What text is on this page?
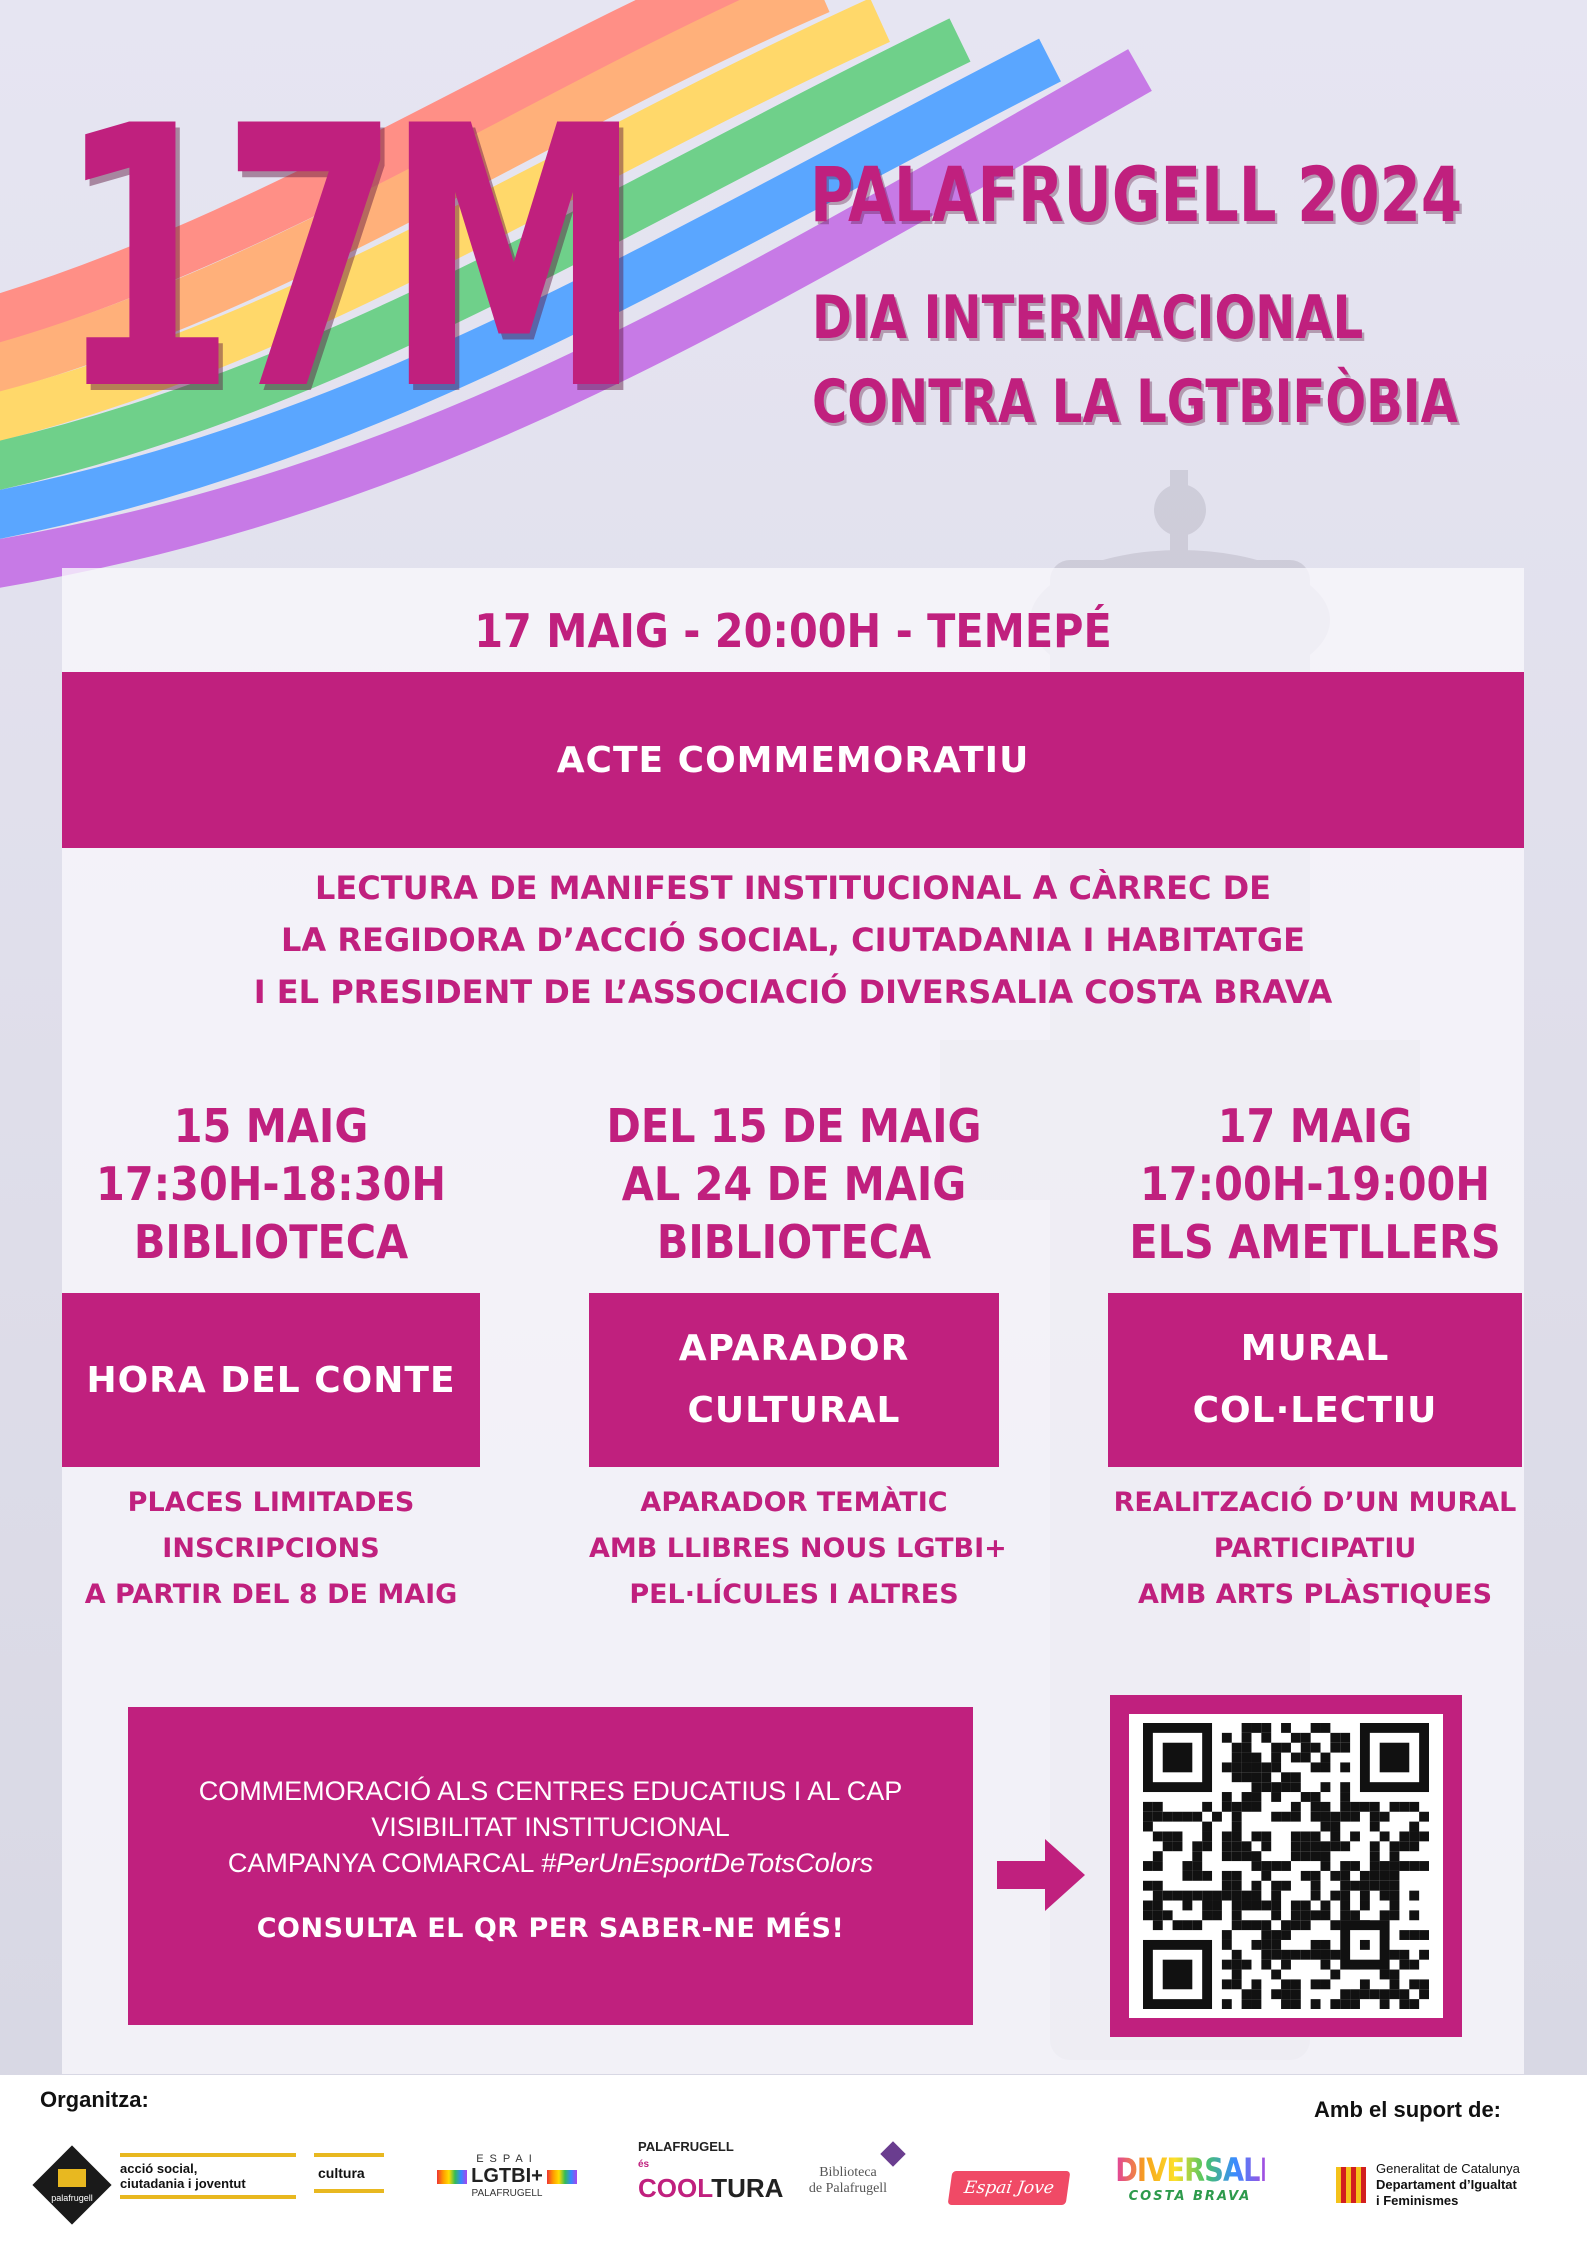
17M PALAFRUGELL 2024
DIA INTERNACIONAL
CONTRA LA LGTBIFÒBIA
17 MAIG - 20:00H - TEMEPÉ
ACTE COMMEMORATIU
LECTURA DE MANIFEST INSTITUCIONAL A CÀRREC DE
LA REGIDORA D’ACCIÓ SOCIAL, CIUTADANIA I HABITATGE
I EL PRESIDENT DE L’ASSOCIACIÓ DIVERSALIA COSTA BRAVA
15 MAIG
17:30H-18:30H
BIBLIOTECA
HORA DEL CONTE
PLACES LIMITADES
INSCRIPCIONS
A PARTIR DEL 8 DE MAIG
DEL 15 DE MAIG
AL 24 DE MAIG
BIBLIOTECA
APARADOR
CULTURAL
APARADOR TEMÀTIC
AMB LLIBRES NOUS LGTBI+
PEL·LÍCULES I ALTRES
17 MAIG
17:00H-19:00H
ELS AMETLLERS
MURAL
COL·LECTIU
REALITZACIÓ D’UN MURAL
PARTICIPATIU
AMB ARTS PLÀSTIQUES
COMMEMORACIÓ ALS CENTRES EDUCATIUS I AL CAP
VISIBILITAT INSTITUCIONAL
CAMPANYA COMARCAL #PerUnEsportDeTotsColors
CONSULTA EL QR PER SABER-NE MÉS!
Organitza:	Amb el suport de:
palafrugell
acció social,
ciutadania i joventut
cultura
ESPAI
LGTBI+
PALAFRUGELL
PALAFRUGELL és
COOLTURA
Biblioteca
de Palafrugell	Espai Jove DIVERSALIA
COSTA BRAVA
Generalitat de Catalunya
Departament d’Igualtat
i Feminismes
